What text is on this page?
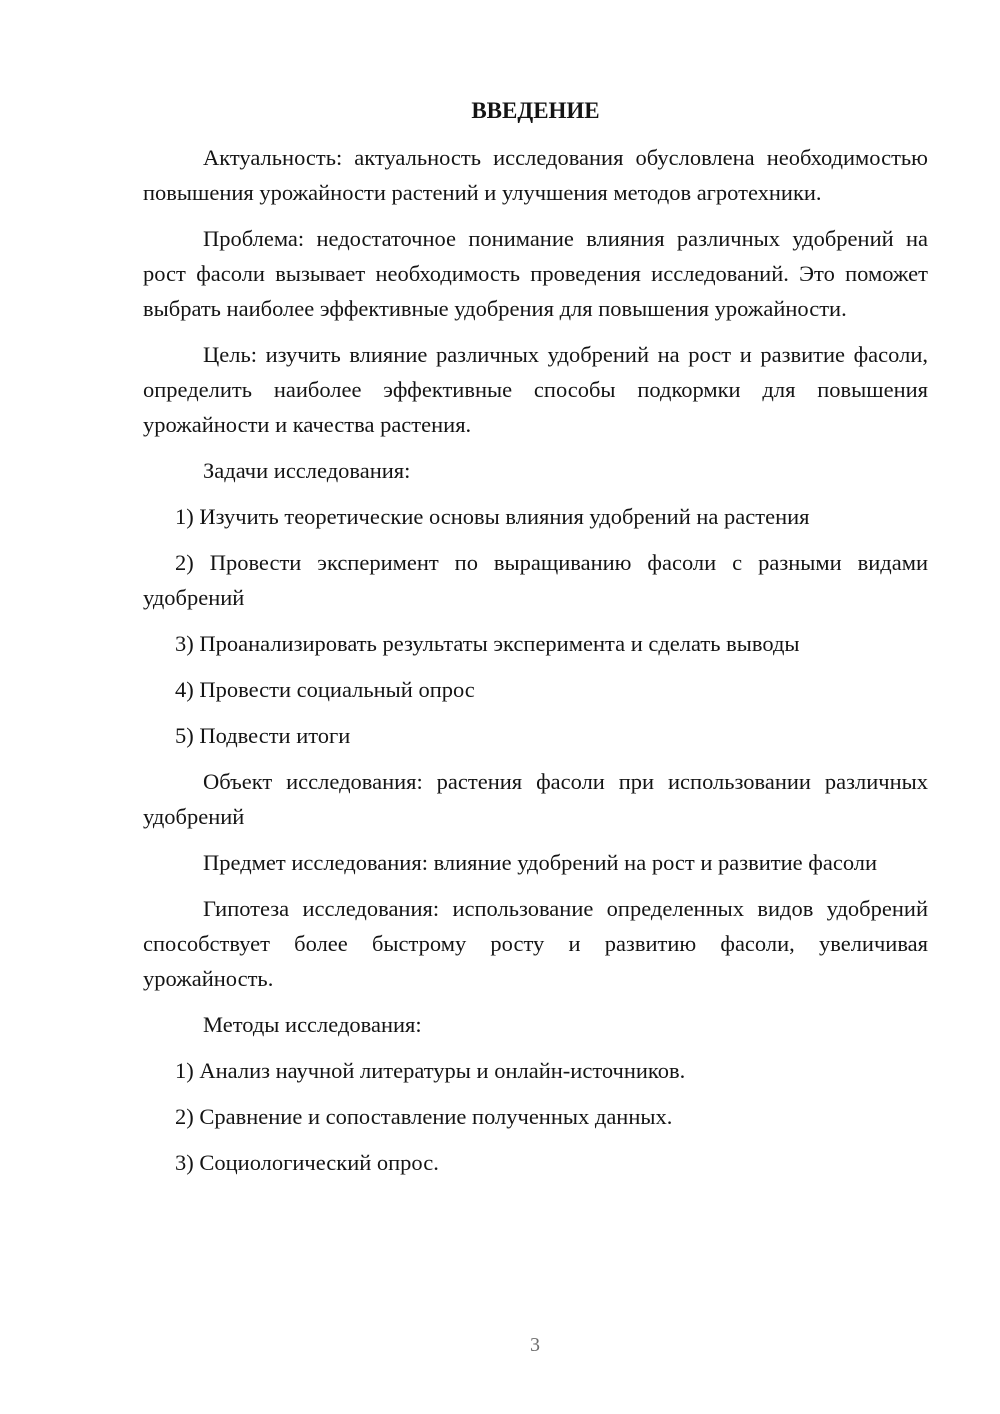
ВВЕДЕНИЕ

Актуальность: актуальность исследования обусловлена необходимостью повышения урожайности растений и улучшения методов агротехники.

Проблема: недостаточное понимание влияния различных удобрений на рост фасоли вызывает необходимость проведения исследований. Это поможет выбрать наиболее эффективные удобрения для повышения урожайности.

Цель: изучить влияние различных удобрений на рост и развитие фасоли, определить наиболее эффективные способы подкормки для повышения урожайности и качества растения.

Задачи исследования:

1) Изучить теоретические основы влияния удобрений на растения

2) Провести эксперимент по выращиванию фасоли с разными видами удобрений

3) Проанализировать результаты эксперимента и сделать выводы

4) Провести социальный опрос

5) Подвести итоги

Объект исследования: растения фасоли при использовании различных удобрений

Предмет исследования: влияние удобрений на рост и развитие фасоли

Гипотеза исследования: использование определенных видов удобрений способствует более быстрому росту и развитию фасоли, увеличивая урожайность.

Методы исследования:

1) Анализ научной литературы и онлайн-источников.

2) Сравнение и сопоставление полученных данных.

3) Социологический опрос.

3
